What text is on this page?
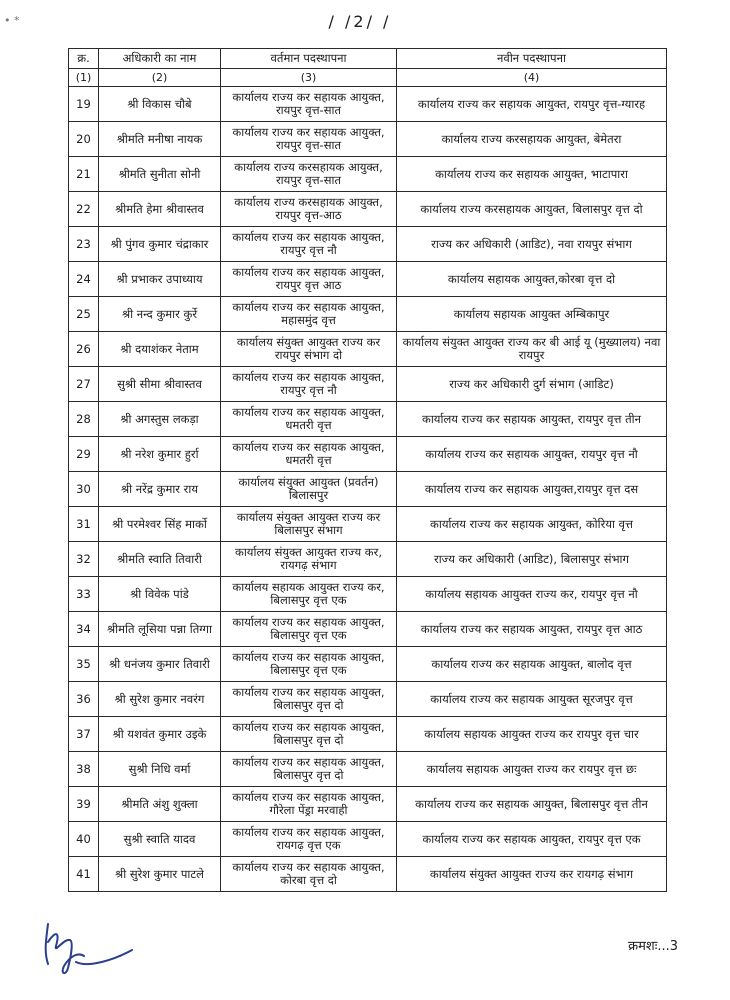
• *	/ /2/ /
क्र.	अधिकारी का नाम	वर्तमान पदस्थापना	नवीन पदस्थापना
(1)	(2)	(3)	(4)
19	श्री विकास चौबे	कार्यालय राज्य कर सहायक आयुक्त, रायपुर वृत्त-सात	कार्यालय राज्य कर सहायक आयुक्त, रायपुर वृत्त-ग्यारह
20	श्रीमति मनीषा नायक	कार्यालय राज्य कर सहायक आयुक्त, रायपुर वृत्त-सात	कार्यालय राज्य करसहायक आयुक्त, बेमेतरा
21	श्रीमति सुनीता सोनी	कार्यालय राज्य करसहायक आयुक्त, रायपुर वृत्त-सात	कार्यालय राज्य कर सहायक आयुक्त, भाटापारा
22	श्रीमति हेमा श्रीवास्तव	कार्यालय राज्य करसहायक आयुक्त, रायपुर वृत्त-आठ	कार्यालय राज्य करसहायक आयुक्त, बिलासपुर वृत्त दो
23	श्री पुंगव कुमार चंद्राकार	कार्यालय राज्य कर सहायक आयुक्त, रायपुर वृत्त नौ	राज्य कर अधिकारी (आडिट), नवा रायपुर संभाग
24	श्री प्रभाकर उपाध्याय	कार्यालय राज्य कर सहायक आयुक्त, रायपुर वृत्त आठ	कार्यालय सहायक आयुक्त,कोरबा वृत्त दो
25	श्री नन्द कुमार कुर्रे	कार्यालय राज्य कर सहायक आयुक्त, महासमुंद वृत्त	कार्यालय सहायक आयुक्त अम्बिकापुर
26	श्री दयाशंकर नेताम	कार्यालय संयुक्त आयुक्त राज्य कर रायपुर संभाग दो	कार्यालय संयुक्त आयुक्त राज्य कर बी आई यू (मुख्यालय) नवा रायपुर
27	सुश्री सीमा श्रीवास्तव	कार्यालय राज्य कर सहायक आयुक्त, रायपुर वृत्त नौ	राज्य कर अधिकारी दुर्ग संभाग (आडिट)
28	श्री अगस्तुस लकड़ा	कार्यालय राज्य कर सहायक आयुक्त, धमतरी वृत्त	कार्यालय राज्य कर सहायक आयुक्त, रायपुर वृत्त तीन
29	श्री नरेश कुमार हुर्रा	कार्यालय राज्य कर सहायक आयुक्त, धमतरी वृत्त	कार्यालय राज्य कर सहायक आयुक्त, रायपुर वृत्त नौ
30	श्री नरेंद्र कुमार राय	कार्यालय संयुक्त आयुक्त (प्रवर्तन) बिलासपुर	कार्यालय राज्य कर सहायक आयुक्त,रायपुर वृत्त दस
31	श्री परमेश्वर सिंह मार्को	कार्यालय संयुक्त आयुक्त राज्य कर बिलासपुर संभाग	कार्यालय राज्य कर सहायक आयुक्त, कोरिया वृत्त
32	श्रीमति स्वाति तिवारी	कार्यालय संयुक्त आयुक्त राज्य कर, रायगढ़ संभाग	राज्य कर अधिकारी (आडिट), बिलासपुर संभाग
33	श्री विवेक पांडे	कार्यालय सहायक आयुक्त राज्य कर, बिलासपुर वृत्त एक	कार्यालय सहायक आयुक्त राज्य कर, रायपुर वृत्त नौ
34	श्रीमति लूसिया पन्ना तिग्गा	कार्यालय राज्य कर सहायक आयुक्त, बिलासपुर वृत्त एक	कार्यालय राज्य कर सहायक आयुक्त, रायपुर वृत्त आठ
35	श्री धनंजय कुमार तिवारी	कार्यालय राज्य कर सहायक आयुक्त, बिलासपुर वृत्त एक	कार्यालय राज्य कर सहायक आयुक्त, बालोद वृत्त
36	श्री सुरेश कुमार नवरंग	कार्यालय राज्य कर सहायक आयुक्त, बिलासपुर वृत्त दो	कार्यालय राज्य कर सहायक आयुक्त सूरजपुर वृत्त
37	श्री यशवंत कुमार उइके	कार्यालय राज्य कर सहायक आयुक्त, बिलासपुर वृत्त दो	कार्यालय सहायक आयुक्त राज्य कर रायपुर वृत्त चार
38	सुश्री निधि वर्मा	कार्यालय राज्य कर सहायक आयुक्त, बिलासपुर वृत्त दो	कार्यालय सहायक आयुक्त राज्य कर रायपुर वृत्त छः
39	श्रीमति अंशु शुक्ला	कार्यालय राज्य कर सहायक आयुक्त, गौरेला पेंड्रा मरवाही	कार्यालय राज्य कर सहायक आयुक्त, बिलासपुर वृत्त तीन
40	सुश्री स्वाति यादव	कार्यालय राज्य कर सहायक आयुक्त, रायगढ़ वृत्त एक	कार्यालय राज्य कर सहायक आयुक्त, रायपुर वृत्त एक
41	श्री सुरेश कुमार पाटले	कार्यालय राज्य कर सहायक आयुक्त, कोरबा वृत्त दो	कार्यालय संयुक्त आयुक्त राज्य कर रायगढ़ संभाग
क्रमशः...3
